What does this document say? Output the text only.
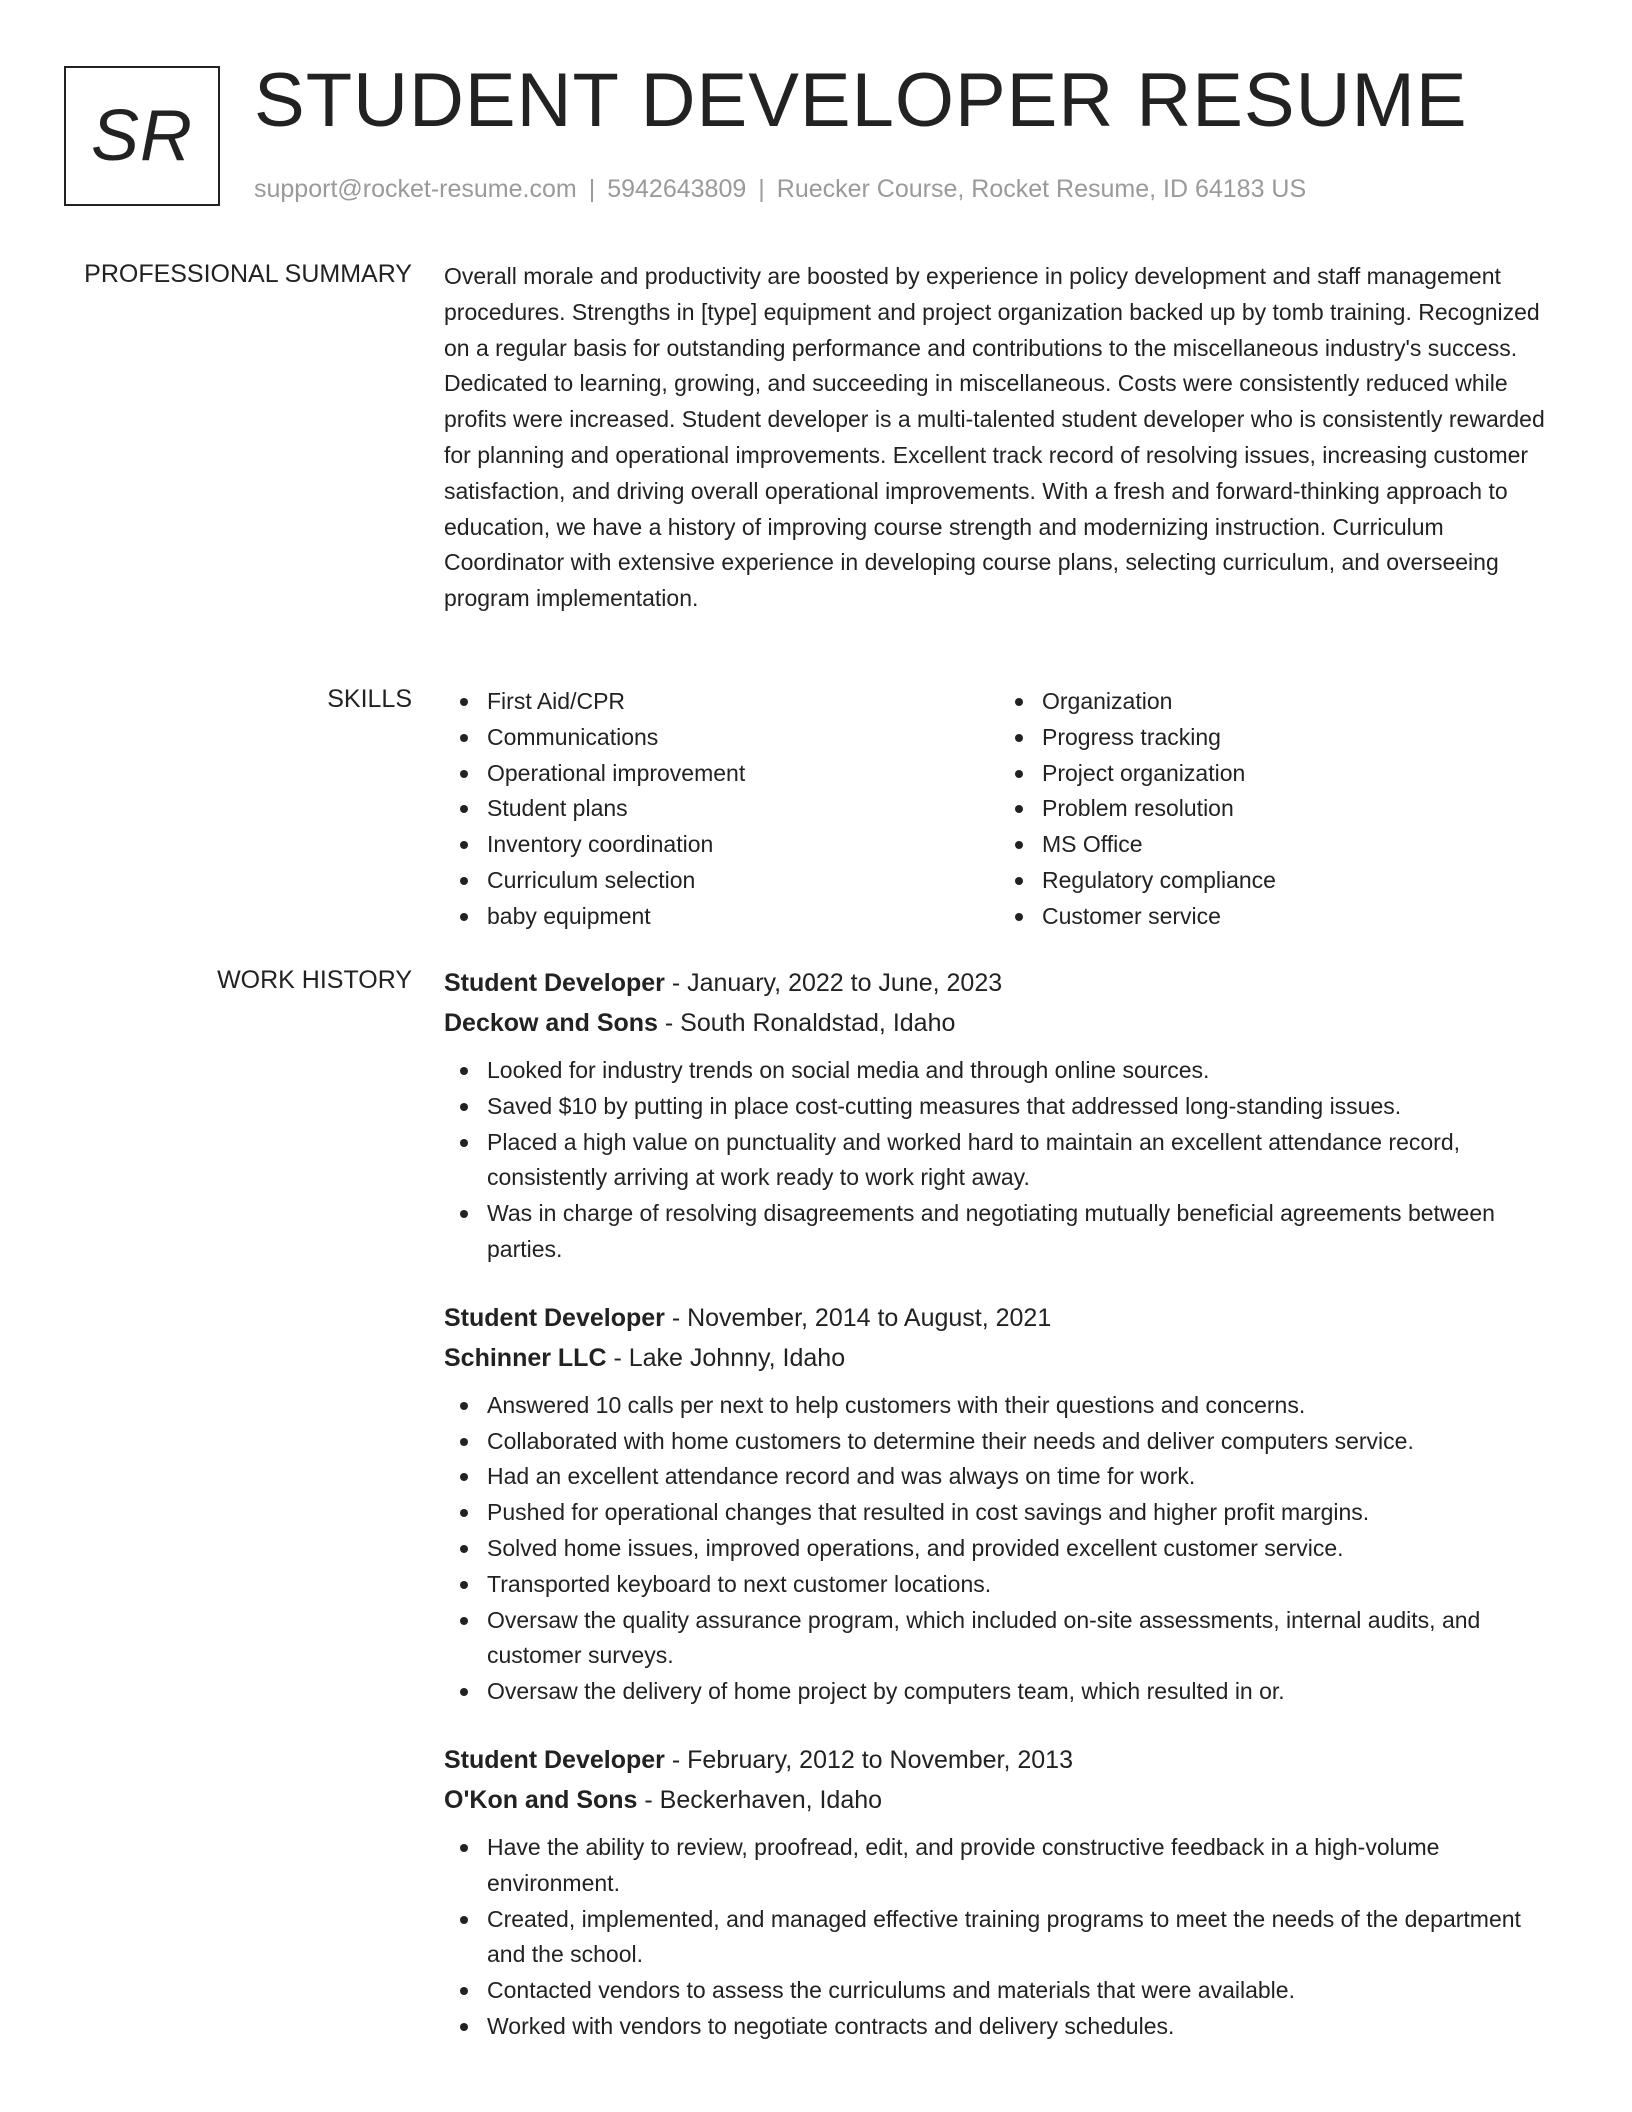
SR STUDENT DEVELOPER RESUME
support@rocket-resume.com | 5942643809 | Ruecker Course, Rocket Resume, ID 64183 US
PROFESSIONAL SUMMARY Overall morale and productivity are boosted by experience in policy development and staff management procedures. Strengths in [type] equipment and project organization backed up by tomb training. Recognized on a regular basis for outstanding performance and contributions to the miscellaneous industry's success. Dedicated to learning, growing, and succeeding in miscellaneous. Costs were consistently reduced while profits were increased. Student developer is a multi-talented student developer who is consistently rewarded for planning and operational improvements. Excellent track record of resolving issues, increasing customer satisfaction, and driving overall operational improvements. With a fresh and forward-thinking approach to education, we have a history of improving course strength and modernizing instruction. Curriculum Coordinator with extensive experience in developing course plans, selecting curriculum, and overseeing program implementation.

SKILLS	First Aid/CPR
Communications
Operational improvement
Student plans
Inventory coordination
Curriculum selection
baby equipment
Organization
Progress tracking
Project organization
Problem resolution
MS Office
Regulatory compliance
Customer service
WORK HISTORY Student Developer - January, 2022 to June, 2023

Deckow and Sons - South Ronaldstad, Idaho

Looked for industry trends on social media and through online sources.
Saved $10 by putting in place cost-cutting measures that addressed long-standing issues.
Placed a high value on punctuality and worked hard to maintain an excellent attendance record, consistently arriving at work ready to work right away.
Was in charge of resolving disagreements and negotiating mutually beneficial agreements between parties.

Student Developer - November, 2014 to August, 2021

Schinner LLC - Lake Johnny, Idaho

Answered 10 calls per next to help customers with their questions and concerns.
Collaborated with home customers to determine their needs and deliver computers service.
Had an excellent attendance record and was always on time for work.
Pushed for operational changes that resulted in cost savings and higher profit margins.
Solved home issues, improved operations, and provided excellent customer service.
Transported keyboard to next customer locations.
Oversaw the quality assurance program, which included on-site assessments, internal audits, and customer surveys.
Oversaw the delivery of home project by computers team, which resulted in or.

Student Developer - February, 2012 to November, 2013

O'Kon and Sons - Beckerhaven, Idaho

Have the ability to review, proofread, edit, and provide constructive feedback in a high-volume environment.
Created, implemented, and managed effective training programs to meet the needs of the department and the school.
Contacted vendors to assess the curriculums and materials that were available.
Worked with vendors to negotiate contracts and delivery schedules.
